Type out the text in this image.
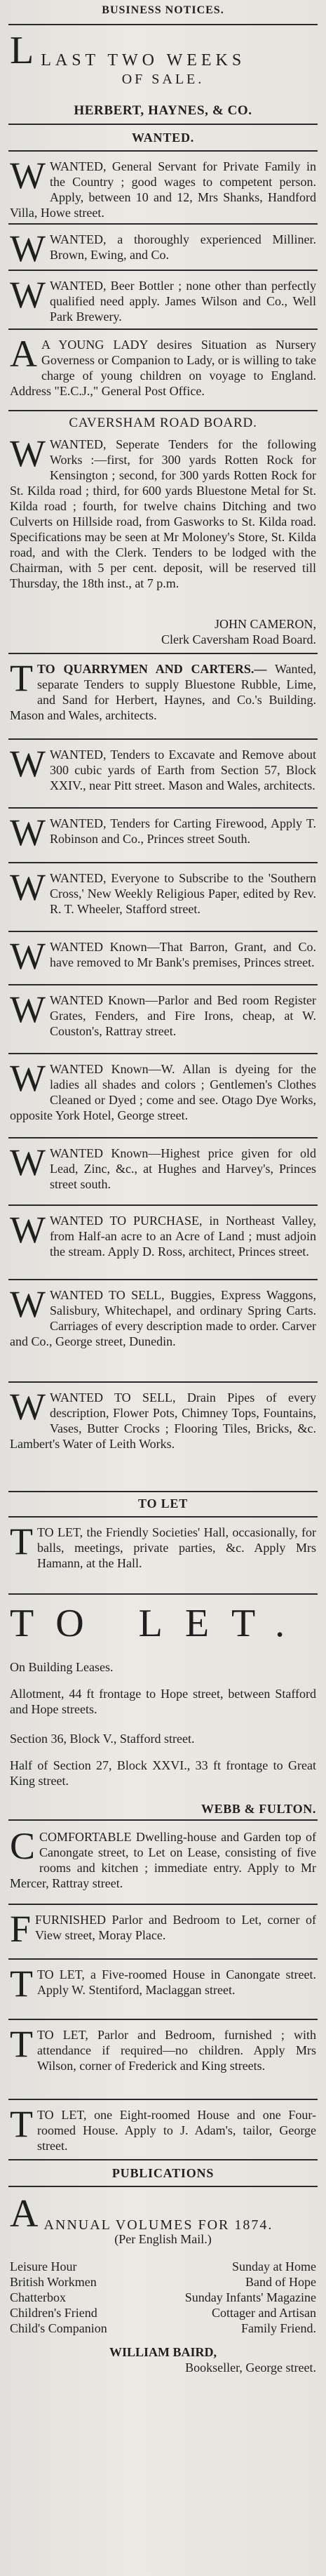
BUSINESS NOTICES.
L LAST TWO WEEKS
OF SALE.
HERBERT, HAYNES, & CO.
WANTED.
W WANTED, General Servant for Private Family in the Country ; good wages to competent person. Apply, between 10 and 12, Mrs Shanks, Handford Villa, Howe street.
W WANTED, a thoroughly experienced Milliner. Brown, Ewing, and Co.
W WANTED, Beer Bottler ; none other than perfectly qualified need apply. James Wilson and Co., Well Park Brewery.
A A YOUNG LADY desires Situation as Nursery Governess or Companion to Lady, or is willing to take charge of young children on voyage to England. Address "E.C.J.," General Post Office.
CAVERSHAM ROAD BOARD.
W WANTED, Seperate Tenders for the following Works :—first, for 300 yards Rotten Rock for Kensington ; second, for 300 yards Rotten Rock for St. Kilda road ; third, for 600 yards Bluestone Metal for St. Kilda road ; fourth, for twelve chains Ditching and two Culverts on Hillside road, from Gasworks to St. Kilda road. Specifications may be seen at Mr Moloney's Store, St. Kilda road, and with the Clerk. Tenders to be lodged with the Chairman, with 5 per cent. deposit, will be reserved till Thursday, the 18th inst., at 7 p.m.
JOHN CAMERON,
Clerk Caversham Road Board.
T TO QUARRYMEN AND CARTERS.— Wanted, separate Tenders to supply Bluestone Rubble, Lime, and Sand for Herbert, Haynes, and Co.'s Building. Mason and Wales, architects.
W WANTED, Tenders to Excavate and Remove about 300 cubic yards of Earth from Section 57, Block XXIV., near Pitt street. Mason and Wales, architects.
W WANTED, Tenders for Carting Firewood, Apply T. Robinson and Co., Princes street South.
W WANTED, Everyone to Subscribe to the 'Southern Cross,' New Weekly Religious Paper, edited by Rev. R. T. Wheeler, Stafford street.
W WANTED Known—That Barron, Grant, and Co. have removed to Mr Bank's premises, Princes street.
W WANTED Known—Parlor and Bed room Register Grates, Fenders, and Fire Irons, cheap, at W. Couston's, Rattray street.
W WANTED Known—W. Allan is dyeing for the ladies all shades and colors ; Gentlemen's Clothes Cleaned or Dyed ; come and see. Otago Dye Works, opposite York Hotel, George street.
W WANTED Known—Highest price given for old Lead, Zinc, &c., at Hughes and Harvey's, Princes street south.
W WANTED TO PURCHASE, in Northeast Valley, from Half-an acre to an Acre of Land ; must adjoin the stream. Apply D. Ross, architect, Princes street.
W WANTED TO SELL, Buggies, Express Waggons, Salisbury, Whitechapel, and ordinary Spring Carts. Carriages of every description made to order. Carver and Co., George street, Dunedin.
W WANTED TO SELL, Drain Pipes of every description, Flower Pots, Chimney Tops, Fountains, Vases, Butter Crocks ; Flooring Tiles, Bricks, &c. Lambert's Water of Leith Works.
TO LET
T TO LET, the Friendly Societies' Hall, occasionally, for balls, meetings, private parties, &c. Apply Mrs Hamann, at the Hall.
TO LET.
On Building Leases.
Allotment, 44 ft frontage to Hope street, between Stafford and Hope streets.
Section 36, Block V., Stafford street.
Half of Section 27, Block XXVI., 33 ft frontage to Great King street.
WEBB & FULTON.
C COMFORTABLE Dwelling-house and Garden top of Canongate street, to Let on Lease, consisting of five rooms and kitchen ; immediate entry. Apply to Mr Mercer, Rattray street.
F FURNISHED Parlor and Bedroom to Let, corner of View street, Moray Place.
T TO LET, a Five-roomed House in Canongate street. Apply W. Stentiford, Maclaggan street.
T TO LET, Parlor and Bedroom, furnished ; with attendance if required—no children. Apply Mrs Wilson, corner of Frederick and King streets.
T TO LET, one Eight-roomed House and one Four-roomed House. Apply to J. Adam's, tailor, George street.
PUBLICATIONS
A ANNUAL VOLUMES FOR 1874.
(Per English Mail.)
Leisure Hour
British Workmen
Chatterbox
Children's Friend
Child's Companion
Sunday at Home
Band of Hope
Sunday Infants' Magazine
Cottager and Artisan
Family Friend.
WILLIAM BAIRD,
Bookseller, George street.
